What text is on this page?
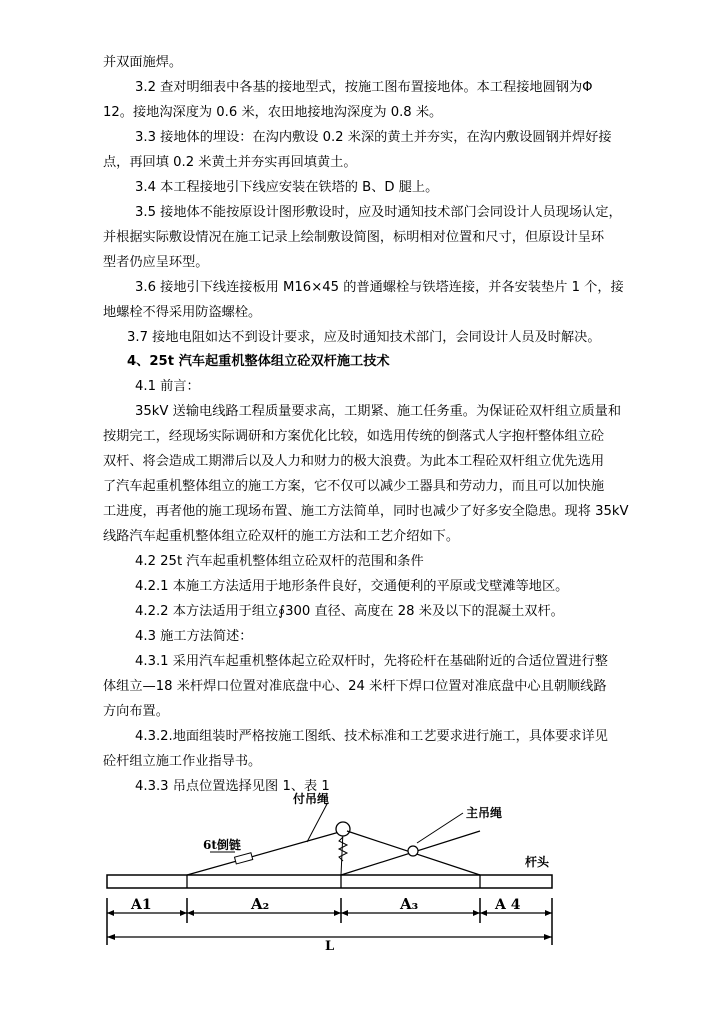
并双面施焊。
3.2 查对明细表中各基的接地型式，按施工图布置接地体。本工程接地圆钢为Φ
12。接地沟深度为 0.6 米，农田地接地沟深度为 0.8 米。
3.3 接地体的埋设：在沟内敷设 0.2 米深的黄土并夯实，在沟内敷设圆钢并焊好接
点，再回填 0.2 米黄土并夯实再回填黄土。
3.4 本工程接地引下线应安装在铁塔的 B、D 腿上。
3.5 接地体不能按原设计图形敷设时，应及时通知技术部门会同设计人员现场认定，
并根据实际敷设情况在施工记录上绘制敷设简图，标明相对位置和尺寸，但原设计呈环
型者仍应呈环型。
3.6 接地引下线连接板用 M16×45 的普通螺栓与铁塔连接，并各安装垫片 1 个，接
地螺栓不得采用防盗螺栓。
3.7 接地电阻如达不到设计要求，应及时通知技术部门，会同设计人员及时解决。
4、25t 汽车起重机整体组立砼双杆施工技术
4.1 前言：
35kV 送输电线路工程质量要求高，工期紧、施工任务重。为保证砼双杆组立质量和
按期完工，经现场实际调研和方案优化比较，如选用传统的倒落式人字抱杆整体组立砼
双杆、将会造成工期滞后以及人力和财力的极大浪费。为此本工程砼双杆组立优先选用
了汽车起重机整体组立的施工方案，它不仅可以减少工器具和劳动力，而且可以加快施
工进度，再者他的施工现场布置、施工方法简单，同时也减少了好多安全隐患。现将 35kV
线路汽车起重机整体组立砼双杆的施工方法和工艺介绍如下。
4.2 25t 汽车起重机整体组立砼双杆的范围和条件
4.2.1 本施工方法适用于地形条件良好，交通便利的平原或戈壁滩等地区。
4.2.2 本方法适用于组立∮300 直径、高度在 28 米及以下的混凝土双杆。
4.3 施工方法简述：
4.3.1 采用汽车起重机整体起立砼双杆时，先将砼杆在基础附近的合适位置进行整
体组立—18 米杆焊口位置对准底盘中心、24 米杆下焊口位置对准底盘中心且朝顺线路
方向布置。
4.3.2.地面组装时严格按施工图纸、技术标准和工艺要求进行施工，具体要求详见
砼杆组立施工作业指导书。
4.3.3 吊点位置选择见图 1、表 1
付吊绳
主吊绳
6t倒链
杆头
A1	A₂	A₃	A 4
L
